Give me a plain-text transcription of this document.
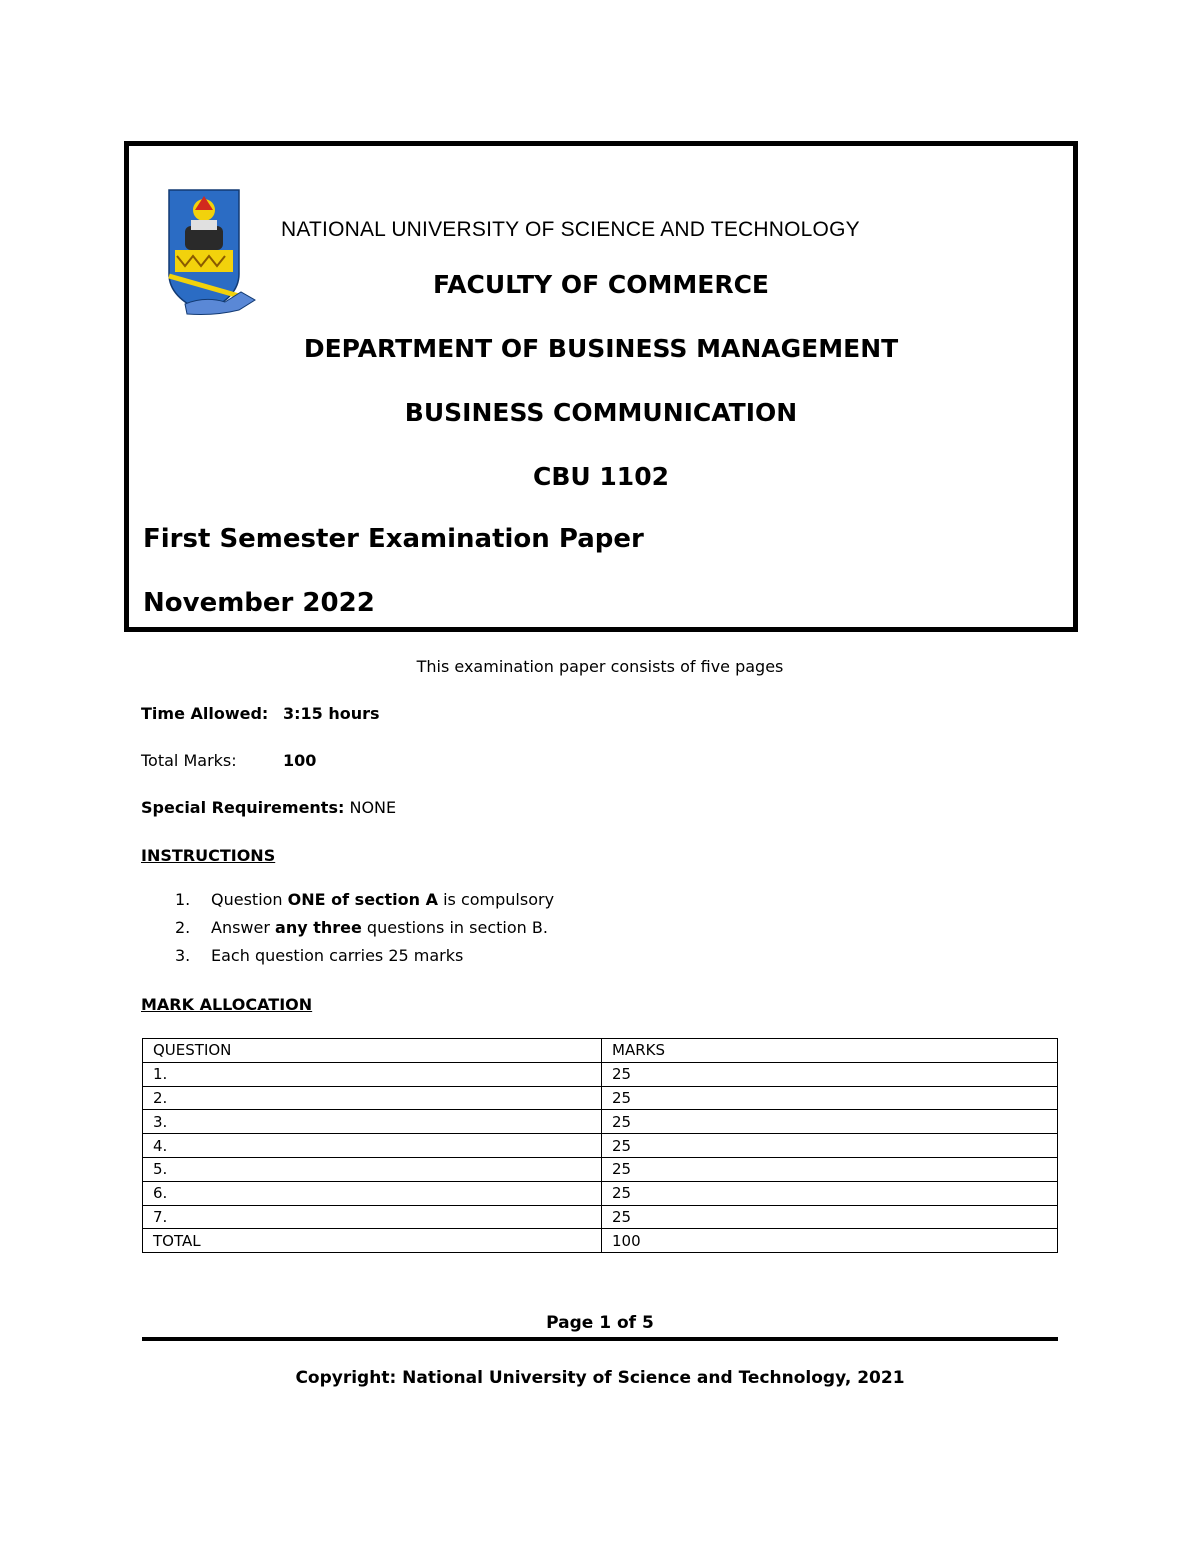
NATIONAL UNIVERSITY OF SCIENCE AND TECHNOLOGY
FACULTY OF COMMERCE
DEPARTMENT OF BUSINESS MANAGEMENT
BUSINESS COMMUNICATION
CBU 1102
First Semester Examination Paper
November 2022
This examination paper consists of five pages
Time Allowed: 3:15 hours
Total Marks:	100
Special Requirements: NONE
INSTRUCTIONS
1. Question ONE of section A is compulsory
2. Answer any three questions in section B.
3. Each question carries 25 marks
MARK ALLOCATION
QUESTION	MARKS
1.	25
2.	25
3.	25
4.	25
5.	25
6.	25
7.	25
TOTAL	100
Page 1 of 5
Copyright: National University of Science and Technology, 2021
